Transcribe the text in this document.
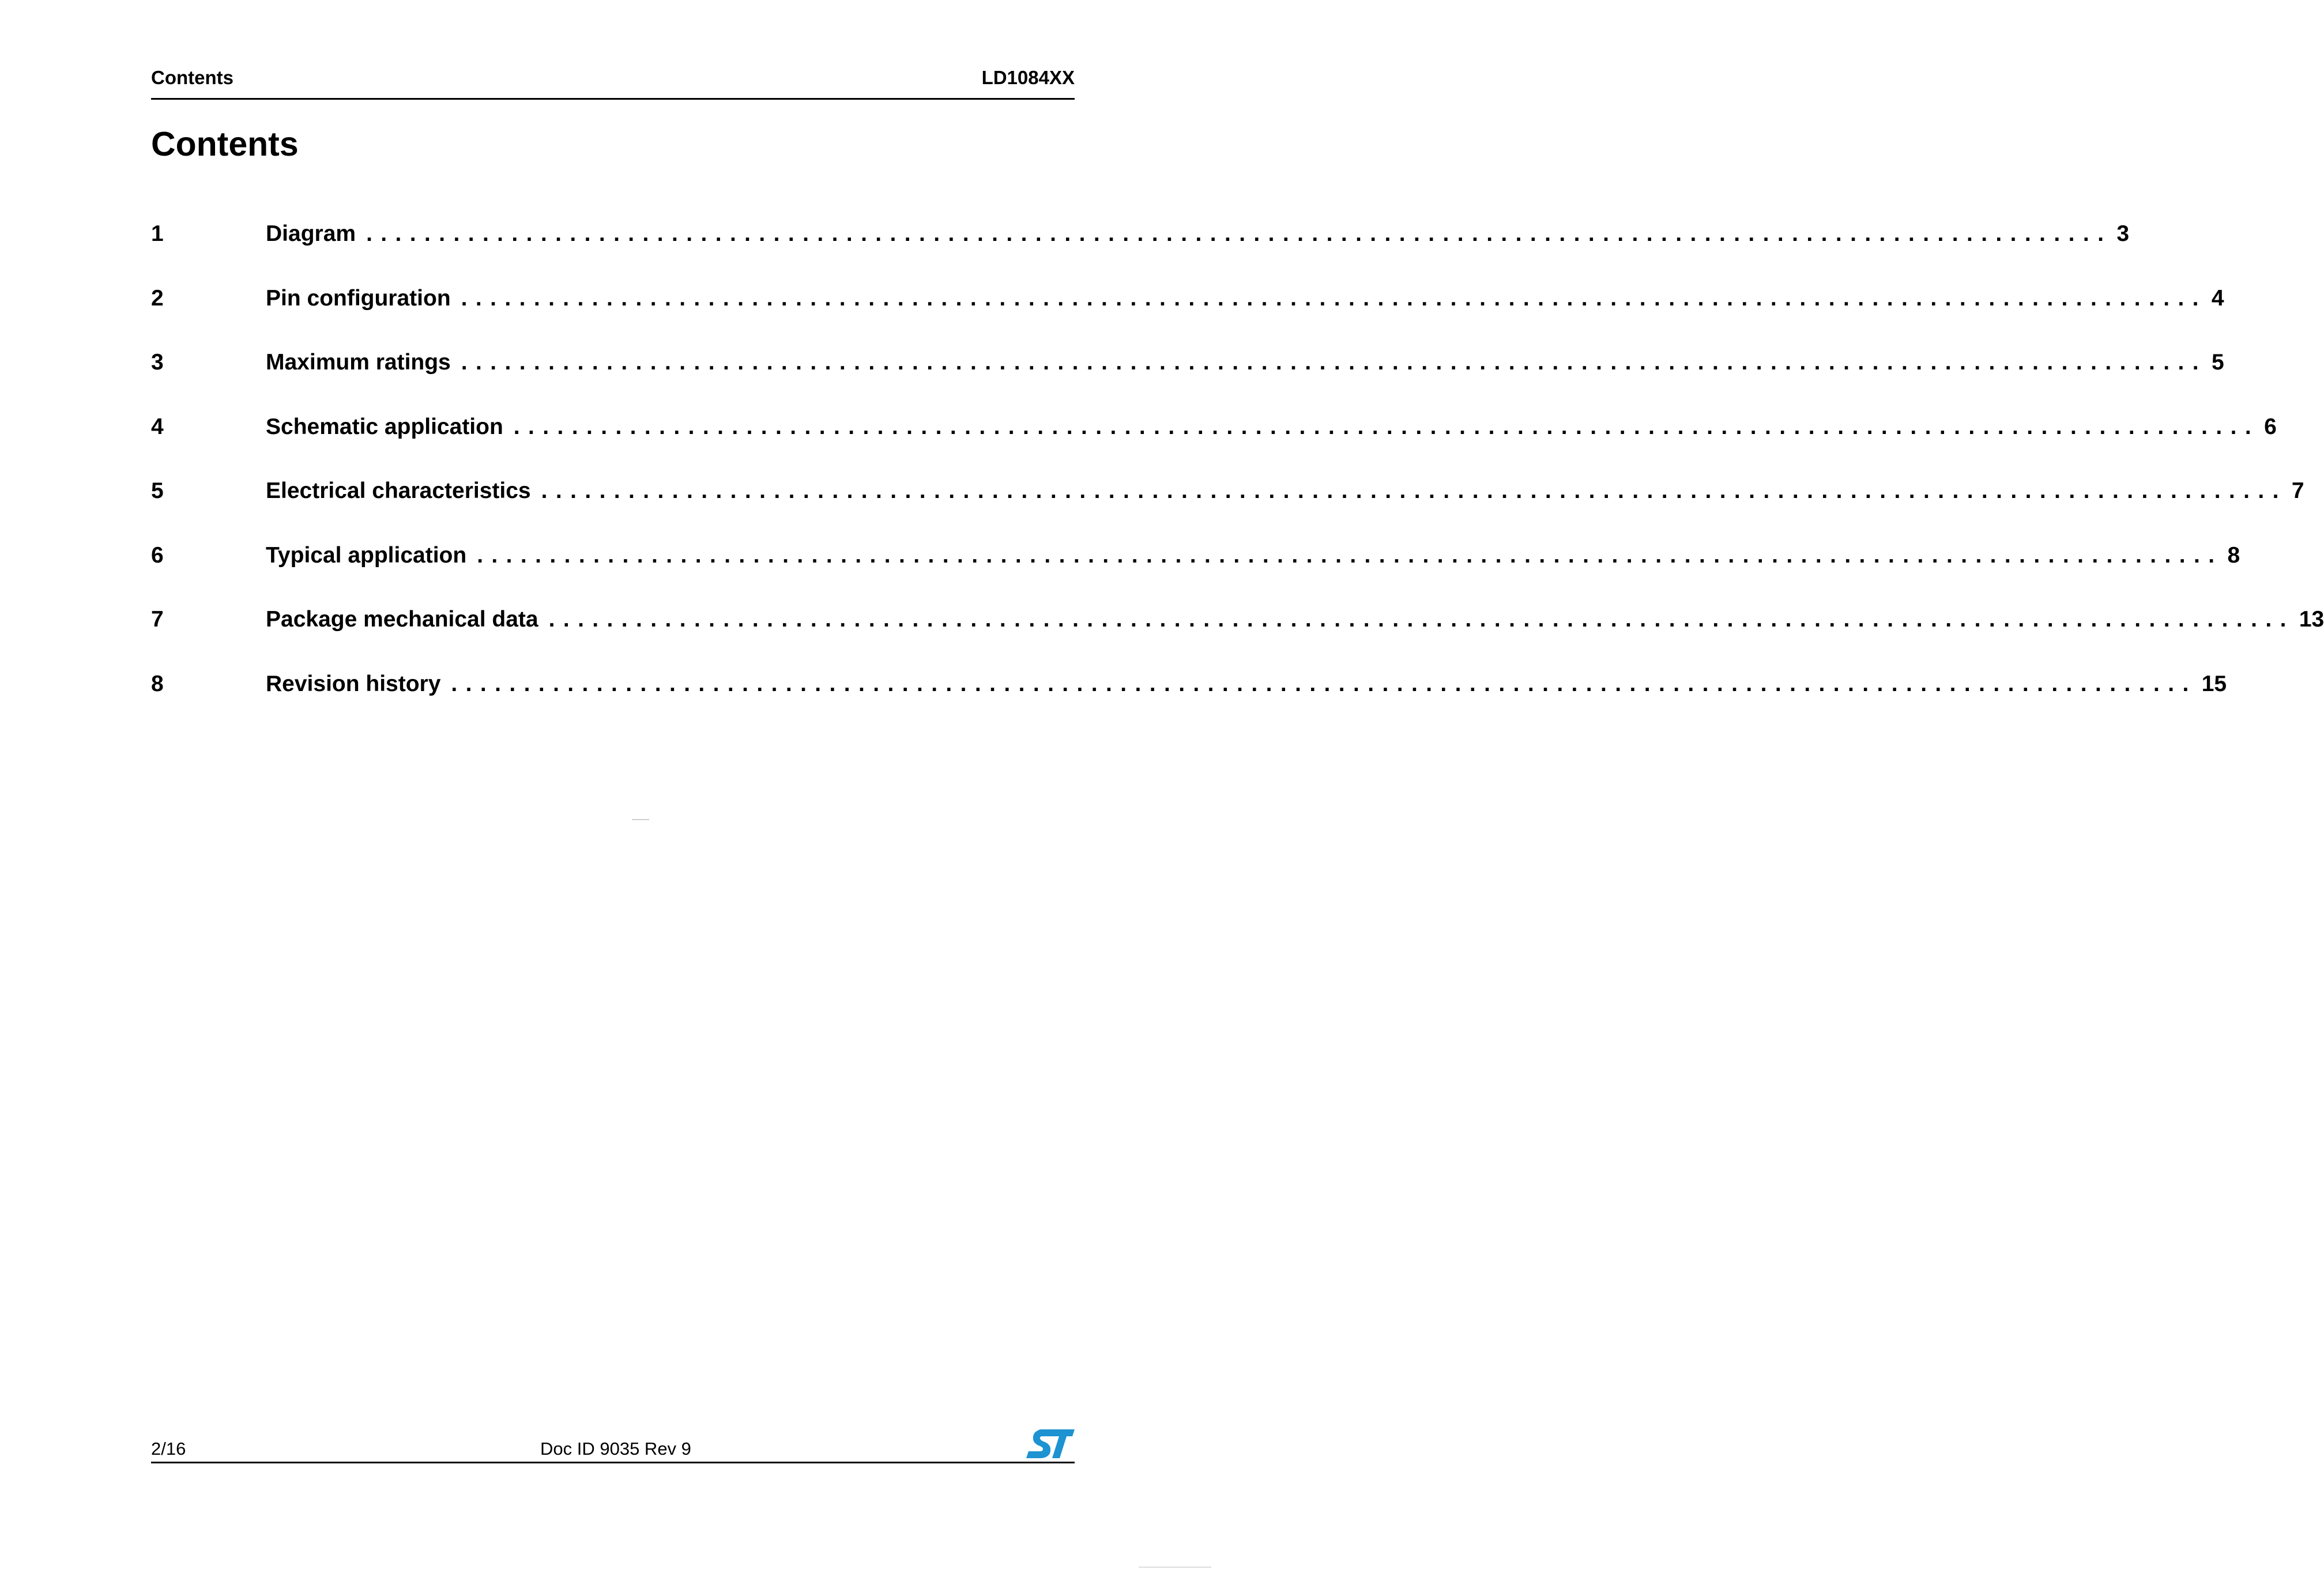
Contents	LD1084XX
Contents
1	Diagram ........................................................................................................................ 3
2	Pin configuration ........................................................................................................................ 4
3	Maximum ratings ........................................................................................................................ 5
4	Schematic application ........................................................................................................................ 6
5	Electrical characteristics ........................................................................................................................ 7
6	Typical application ........................................................................................................................ 8
7	Package mechanical data ........................................................................................................................ 13
8	Revision history ........................................................................................................................ 15
2/16	Doc ID 9035 Rev 9
